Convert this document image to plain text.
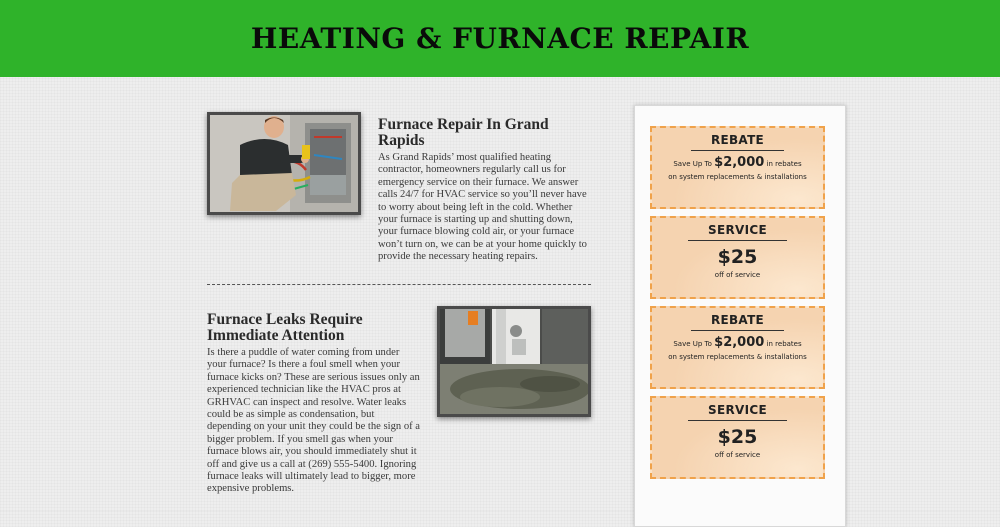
HEATING & FURNACE REPAIR
Furnace Repair In Grand Rapids

As Grand Rapids’ most qualified heating contractor, homeowners regularly call us for emergency service on their furnace. We answer calls 24/7 for HVAC service so you’ll never have to worry about being left in the cold. Whether your furnace is starting up and shutting down, your furnace blowing cold air, or your furnace won’t turn on, we can be at your home quickly to provide the necessary heating repairs.

Furnace Leaks Require Immediate Attention

Is there a puddle of water coming from under your furnace? Is there a foul smell when your furnace kicks on? These are serious issues only an experienced technician like the HVAC pros at GRHVAC can inspect and resolve. Water leaks could be as simple as condensation, but depending on your unit they could be the sign of a bigger problem. If you smell gas when your furnace blows air, you should immediately shut it off and give us a call at (269) 555-5400. Ignoring furnace leaks will ultimately lead to bigger, more expensive problems.

REBATE
Save Up To $2,000 in rebates
on system replacements & installations
SERVICE
$25
off of service
REBATE
Save Up To $2,000 in rebates
on system replacements & installations
SERVICE
$25
off of service
